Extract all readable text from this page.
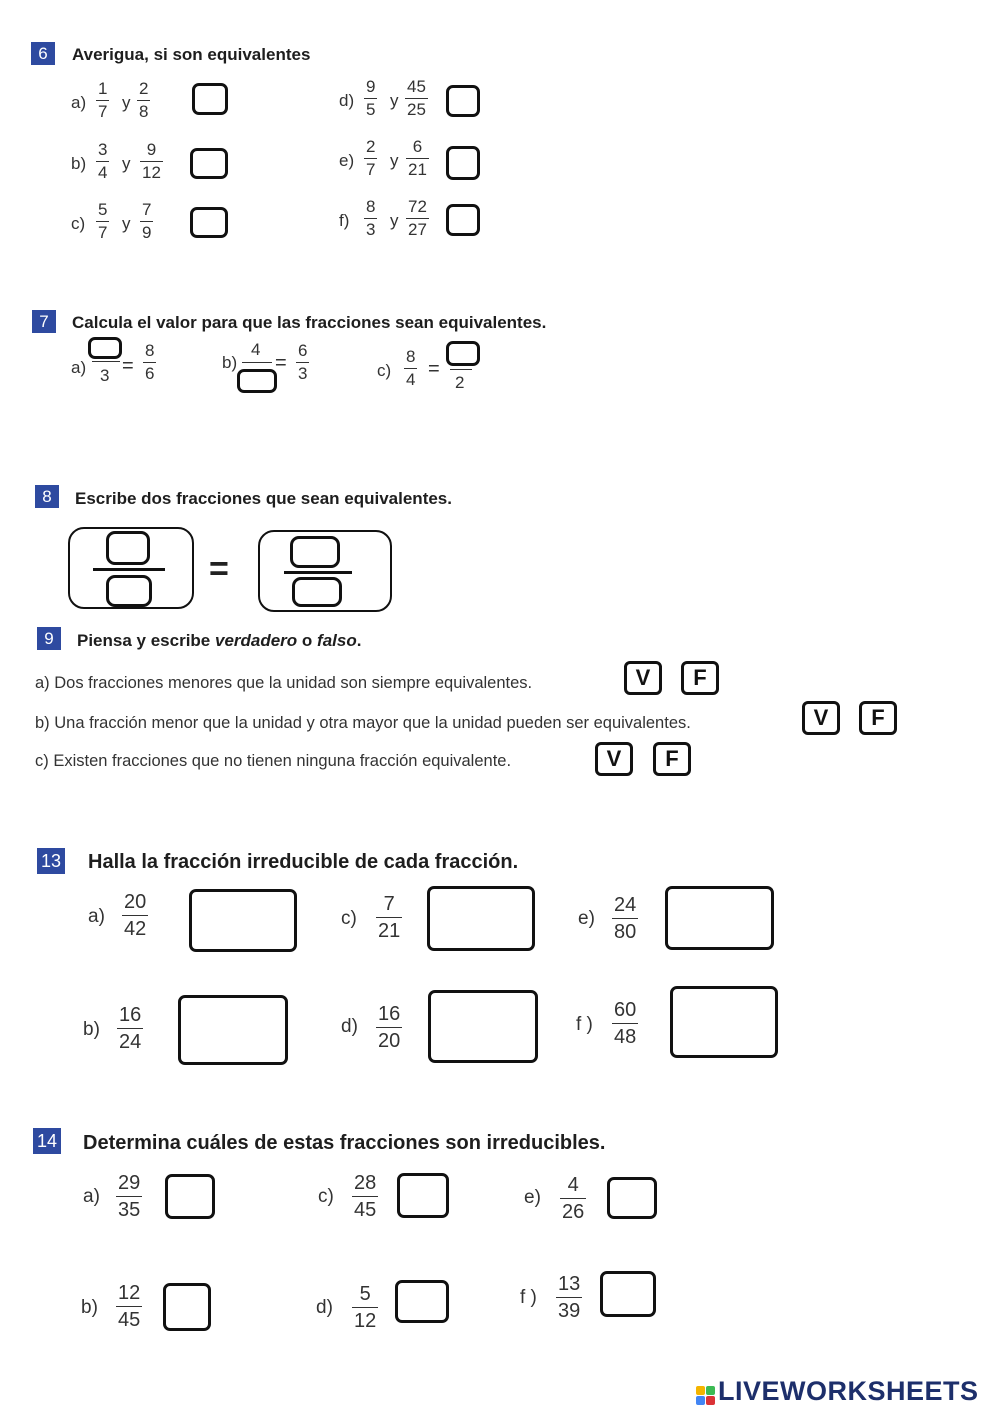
6	Averigua, si son equivalentes
a)
1
7 y
2
8
b)
3
4 y
9
12
c)
5
7 y
7
9
d)
9
5 y
45
25
e)
2
7 y
6
21
f)
8
3 y
72
27
7	Calcula el valor para que las fracciones sean equivalentes.
a) 3 =
8
6
b)
4
=
6
3	c)
8
4 =
2
8	Escribe dos fracciones que sean equivalentes.
=
9	Piensa y escribe verdadero o falso.
a) Dos fracciones menores que la unidad son siempre equivalentes.	V	F
b) Una fracción menor que la unidad y otra mayor que la unidad pueden ser equivalentes.	V	F
c) Existen fracciones que no tienen ninguna fracción equivalente.	V	F
13 Halla la fracción irreducible de cada fracción.
a)
20
42
b)
16
24
c)
7
21
d)
16
20
e)
24
80
f )
60
48
14 Determina cuáles de estas fracciones son irreducibles.
a)
29
35
b)
12
45
c)
28
45
d)
5
12
e)
4
26
f )
13
39
LIVEWORKSHEETS
